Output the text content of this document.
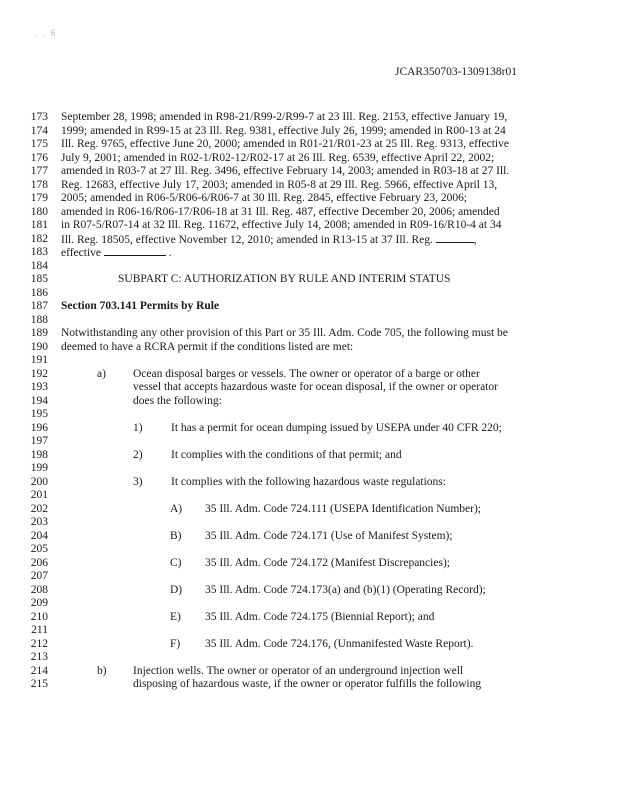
. . 6
JCAR350703-1309138r01
173
174
175
176
177
178
179
180
181
182
183
184
185
186
187
188
189
190
191
192
193
194
195
196
197
198
199
200
201
202
203
204
205
206
207
208
209
210
211
212
213
214
215
September 28, 1998; amended in R98-21/R99-2/R99-7 at 23 Ill. Reg. 2153, effective January 19,
1999; amended in R99-15 at 23 Ill. Reg. 9381, effective July 26, 1999; amended in R00-13 at 24
Ill. Reg. 9765, effective June 20, 2000; amended in R01-21/R01-23 at 25 Ill. Reg. 9313, effective
July 9, 2001; amended in R02-1/R02-12/R02-17 at 26 Ill. Reg. 6539, effective April 22, 2002;
amended in R03-7 at 27 Ill. Reg. 3496, effective February 14, 2003; amended in R03-18 at 27 Ill.
Reg. 12683, effective July 17, 2003; amended in R05-8 at 29 Ill. Reg. 5966, effective April 13,
2005; amended in R06-5/R06-6/R06-7 at 30 Ill. Reg. 2845, effective February 23, 2006;
amended in R06-16/R06-17/R06-18 at 31 Ill. Reg. 487, effective December 20, 2006; amended
in R07-5/R07-14 at 32 Ill. Reg. 11672, effective July 14, 2008; amended in R09-16/R10-4 at 34
Ill. Reg. 18505, effective November 12, 2010; amended in R13-15 at 37 Ill. Reg.	,
effective	.
SUBPART C: AUTHORIZATION BY RULE AND INTERIM STATUS
Section 703.141 Permits by Rule
Notwithstanding any other provision of this Part or 35 Ill. Adm. Code 705, the following must be
deemed to have a RCRA permit if the conditions listed are met:
a) Ocean disposal barges or vessels. The owner or operator of a barge or other
vessel that accepts hazardous waste for ocean disposal, if the owner or operator
does the following:
1) It has a permit for ocean dumping issued by USEPA under 40 CFR 220;
2) It complies with the conditions of that permit; and
3) It complies with the following hazardous waste regulations:
A) 35 Ill. Adm. Code 724.111 (USEPA Identification Number);
B) 35 Ill. Adm. Code 724.171 (Use of Manifest System);
C) 35 Ill. Adm. Code 724.172 (Manifest Discrepancies);
D) 35 Ill. Adm. Code 724.173(a) and (b)(1) (Operating Record);
E) 35 Ill. Adm. Code 724.175 (Biennial Report); and
F) 35 Ill. Adm. Code 724.176, (Unmanifested Waste Report).
b) Injection wells. The owner or operator of an underground injection well
disposing of hazardous waste, if the owner or operator fulfills the following
